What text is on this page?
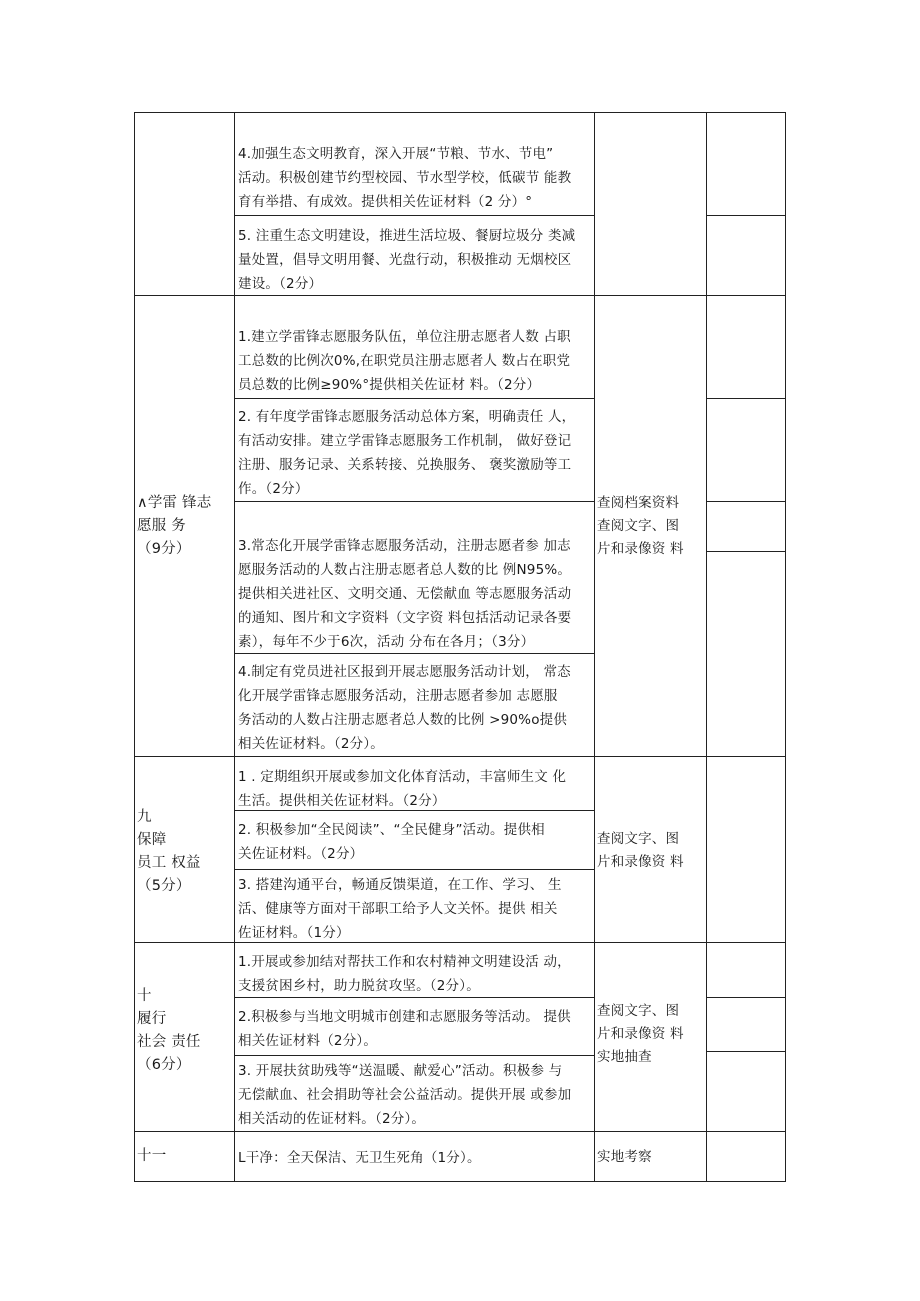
4.加强生态文明教育，深入开展“节粮、节水、节电”
活动。积极创建节约型校园、节水型学校，低碳节 能教
育有举措、有成效。提供相关佐证材料（2 分）°
5. 注重生态文明建设，推进生活垃圾、餐厨垃圾分 类减
量处置，倡导文明用餐、光盘行动，积极推动 无烟校区
建设。（2分）
∧学雷 锋志
愿服 务
（9分）
1.建立学雷锋志愿服务队伍，单位注册志愿者人数 占职
工总数的比例次0%,在职党员注册志愿者人 数占在职党
员总数的比例≥90%°提供相关佐证材 料。（2分）
2. 有年度学雷锋志愿服务活动总体方案，明确责任 人，
有活动安排。建立学雷锋志愿服务工作机制， 做好登记
注册、服务记录、关系转接、兑换服务、 褒奖激励等工
作。（2分）
3.常态化开展学雷锋志愿服务活动，注册志愿者参 加志
愿服务活动的人数占注册志愿者总人数的比 例N95%。
提供相关进社区、文明交通、无偿献血 等志愿服务活动
的通知、图片和文字资料（文字资 料包括活动记录各要
素），每年不少于6次，活动 分布在各月；（3分）
4.制定有党员进社区报到开展志愿服务活动计划， 常态
化开展学雷锋志愿服务活动，注册志愿者参加 志愿服
务活动的人数占注册志愿者总人数的比例 >90%o提供
相关佐证材料。（2分）。
查阅档案资料
查阅文字、图
片和录像资 料
九
保障
员工 权益
（5分）
1 . 定期组织开展或参加文化体育活动，丰富师生文 化
生活。提供相关佐证材料。（2分）
2. 积极参加“全民阅读”、“全民健身”活动。提供相
关佐证材料。（2分）
3. 搭建沟通平台，畅通反馈渠道，在工作、学习、 生
活、健康等方面对干部职工给予人文关怀。提供 相关
佐证材料。（1分）
查阅文字、图
片和录像资 料
十
履行
社会 责任
（6分）
1.开展或参加结对帮扶工作和农村精神文明建设活 动，
支援贫困乡村，助力脱贫攻坚。（2分）。
2.积极参与当地文明城市创建和志愿服务等活动。 提供
相关佐证材料（2分）。
3. 开展扶贫助残等“送温暖、献爱心”活动。积极参 与
无偿献血、社会捐助等社会公益活动。提供开展 或参加
相关活动的佐证材料。（2分）。
查阅文字、图
片和录像资 料
实地抽查
十一	L干净：全天保洁、无卫生死角（1分）。	实地考察
